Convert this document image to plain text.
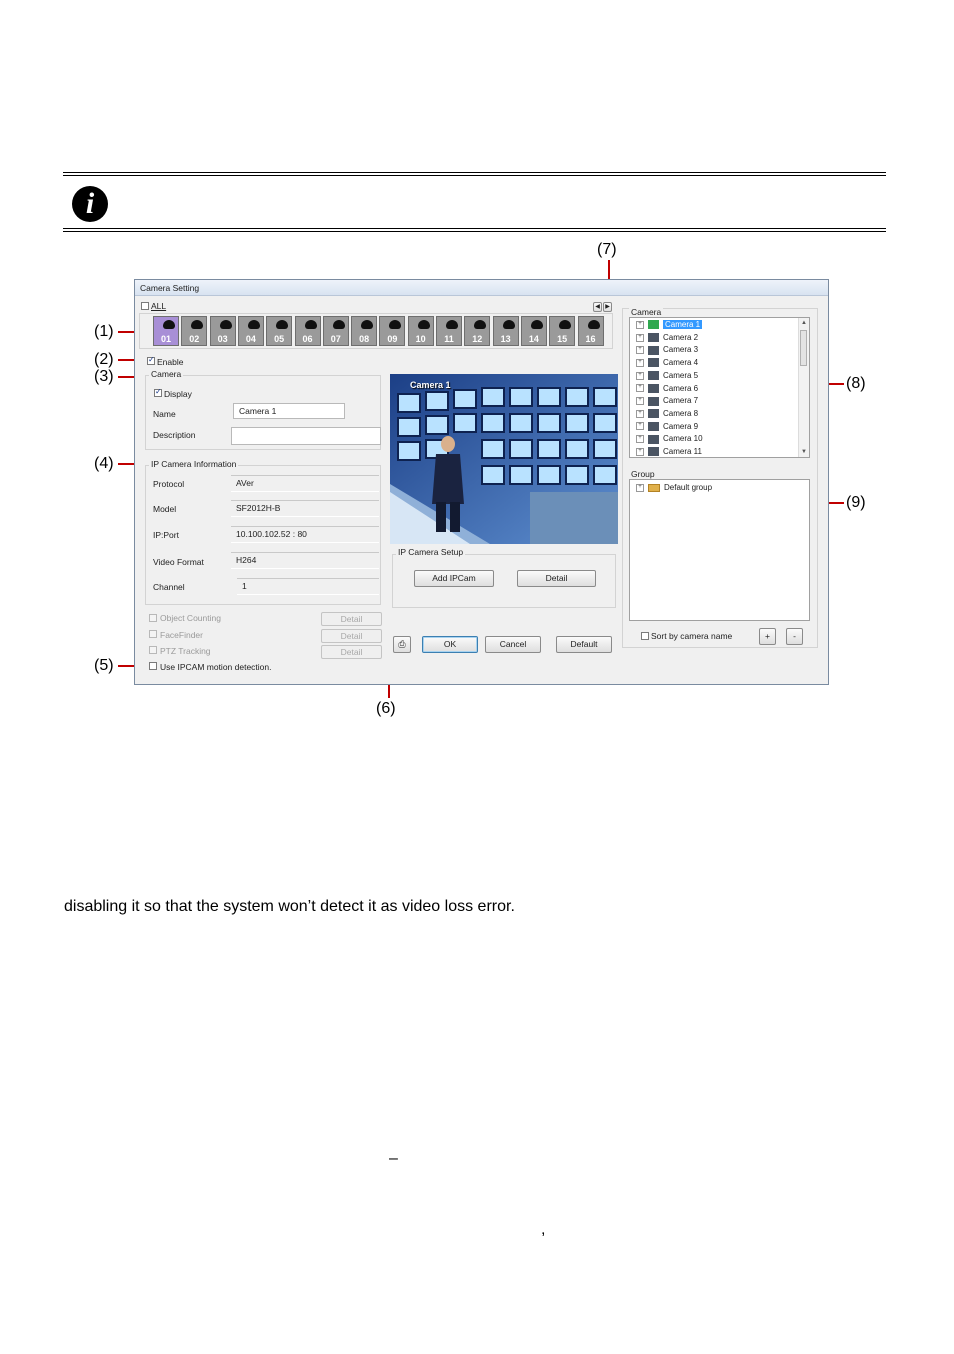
i
(7)
(1)
(2)
(3)
(4)
(5)
(6)
(8)
(9)
Camera Setting
ALL	◀ ▶
01	02	03	04	05	06	07	08	09	10	11	12	13	14	15	16
✓
Enable
Camera
✓
Display
Name	Camera 1
Description
IP Camera Information
Protocol	AVer
Model	SF2012H-B
IP:Port	10.100.102.52 : 80
Video Format	H264
Channel	1
Object Counting	Detail
FaceFinder	Detail
PTZ Tracking	Detail
Use IPCAM motion detection.
Camera 1
IP Camera Setup
Add IPCam	Detail
⎙	OK	Cancel	Default
Camera
+	Camera 1
+	Camera 2
+	Camera 3
+	Camera 4
+	Camera 5
+	Camera 6
+	Camera 7
+	Camera 8
+	Camera 9
+	Camera 10
+	Camera 11
▲
▼
Group
+	Default group
Sort by camera name	+	-
disabling it so that the system won’t detect it as video loss error.
–
,
